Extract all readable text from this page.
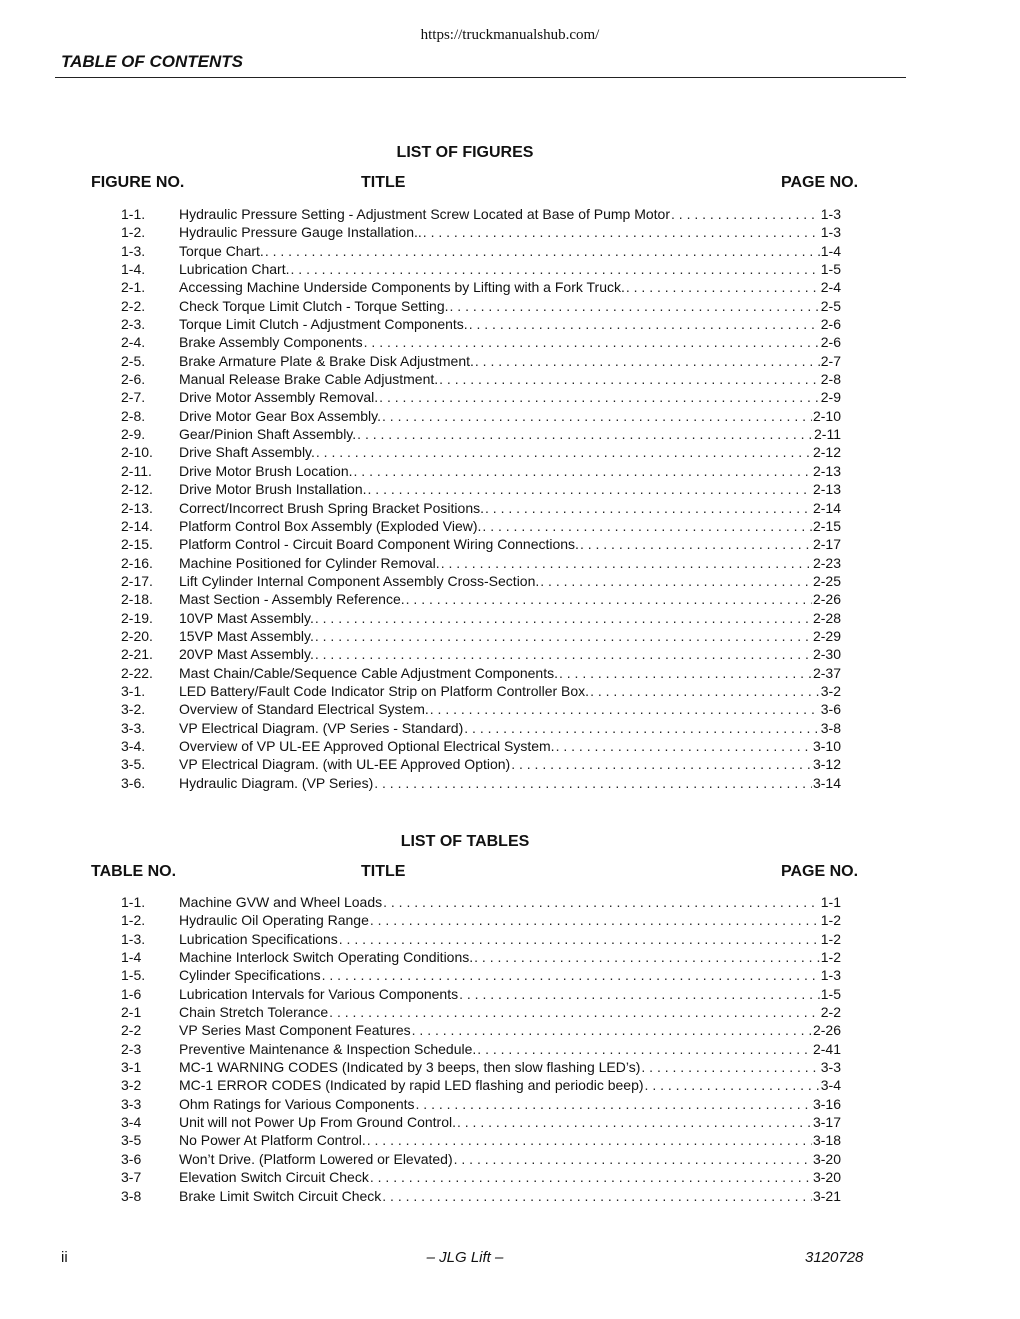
https://truckmanualshub.com/
TABLE OF CONTENTS
LIST OF FIGURES
FIGURE NO.	TITLE	PAGE NO.
1-1.	Hydraulic Pressure Setting - Adjustment Screw Located at Base of Pump Motor . . .	1-3
1-2.	Hydraulic Pressure Gauge Installation.. . . .	1-3
1-3.	Torque Chart. . . .	1-4
1-4.	Lubrication Chart. . . .	1-5
2-1.	Accessing Machine Underside Components by Lifting with a Fork Truck. . . .	2-4
2-2.	Check Torque Limit Clutch - Torque Setting. . . .	2-5
2-3.	Torque Limit Clutch - Adjustment Components. . . .	2-6
2-4.	Brake Assembly Components . . .	2-6
2-5.	Brake Armature Plate & Brake Disk Adjustment. . . .	2-7
2-6.	Manual Release Brake Cable Adjustment. . . .	2-8
2-7.	Drive Motor Assembly Removal. . . .	2-9
2-8.	Drive Motor Gear Box Assembly. . . .	2-10
2-9.	Gear/Pinion Shaft Assembly. . . .	2-11
2-10.	Drive Shaft Assembly. . . .	2-12
2-11.	Drive Motor Brush Location. . . .	2-13
2-12.	Drive Motor Brush Installation. . . .	2-13
2-13.	Correct/Incorrect Brush Spring Bracket Positions. . . .	2-14
2-14.	Platform Control Box Assembly (Exploded View). . . .	2-15
2-15.	Platform Control - Circuit Board Component Wiring Connections. . . .	2-17
2-16.	Machine Positioned for Cylinder Removal. . . .	2-23
2-17.	Lift Cylinder Internal Component Assembly Cross-Section. . . .	2-25
2-18.	Mast Section - Assembly Reference. . . .	2-26
2-19.	10VP Mast Assembly. . . .	2-28
2-20.	15VP Mast Assembly. . . .	2-29
2-21.	20VP Mast Assembly. . . .	2-30
2-22.	Mast Chain/Cable/Sequence Cable Adjustment Components. . . .	2-37
3-1.	LED Battery/Fault Code Indicator Strip on Platform Controller Box. . . .	3-2
3-2.	Overview of Standard Electrical System. . . .	3-6
3-3.	VP Electrical Diagram. (VP Series - Standard) . . .	3-8
3-4.	Overview of VP UL-EE Approved Optional Electrical System. . . .	3-10
3-5.	VP Electrical Diagram. (with UL-EE Approved Option) . . .	3-12
3-6.	Hydraulic Diagram. (VP Series) . . .	3-14
LIST OF TABLES
TABLE NO.	TITLE	PAGE NO.
1-1.	Machine GVW and Wheel Loads . . .	1-1
1-2.	Hydraulic Oil Operating Range . . .	1-2
1-3.	Lubrication Specifications . . .	1-2
1-4	Machine Interlock Switch Operating Conditions. . . .	1-2
1-5.	Cylinder Specifications . . .	1-3
1-6	Lubrication Intervals for Various Components . . .	1-5
2-1	Chain Stretch Tolerance . . .	2-2
2-2	VP Series Mast Component Features . . .	2-26
2-3	Preventive Maintenance & Inspection Schedule. . . .	2-41
3-1	MC-1 WARNING CODES (Indicated by 3 beeps, then slow flashing LED’s) . . .	3-3
3-2	MC-1 ERROR CODES (Indicated by rapid LED flashing and periodic beep) . . .	3-4
3-3	Ohm Ratings for Various Components . . .	3-16
3-4	Unit will not Power Up From Ground Control. . . .	3-17
3-5	No Power At Platform Control. . . .	3-18
3-6	Won’t Drive. (Platform Lowered or Elevated) . . .	3-20
3-7	Elevation Switch Circuit Check . . .	3-20
3-8	Brake Limit Switch Circuit Check . . .	3-21
ii	– JLG Lift –	3120728
